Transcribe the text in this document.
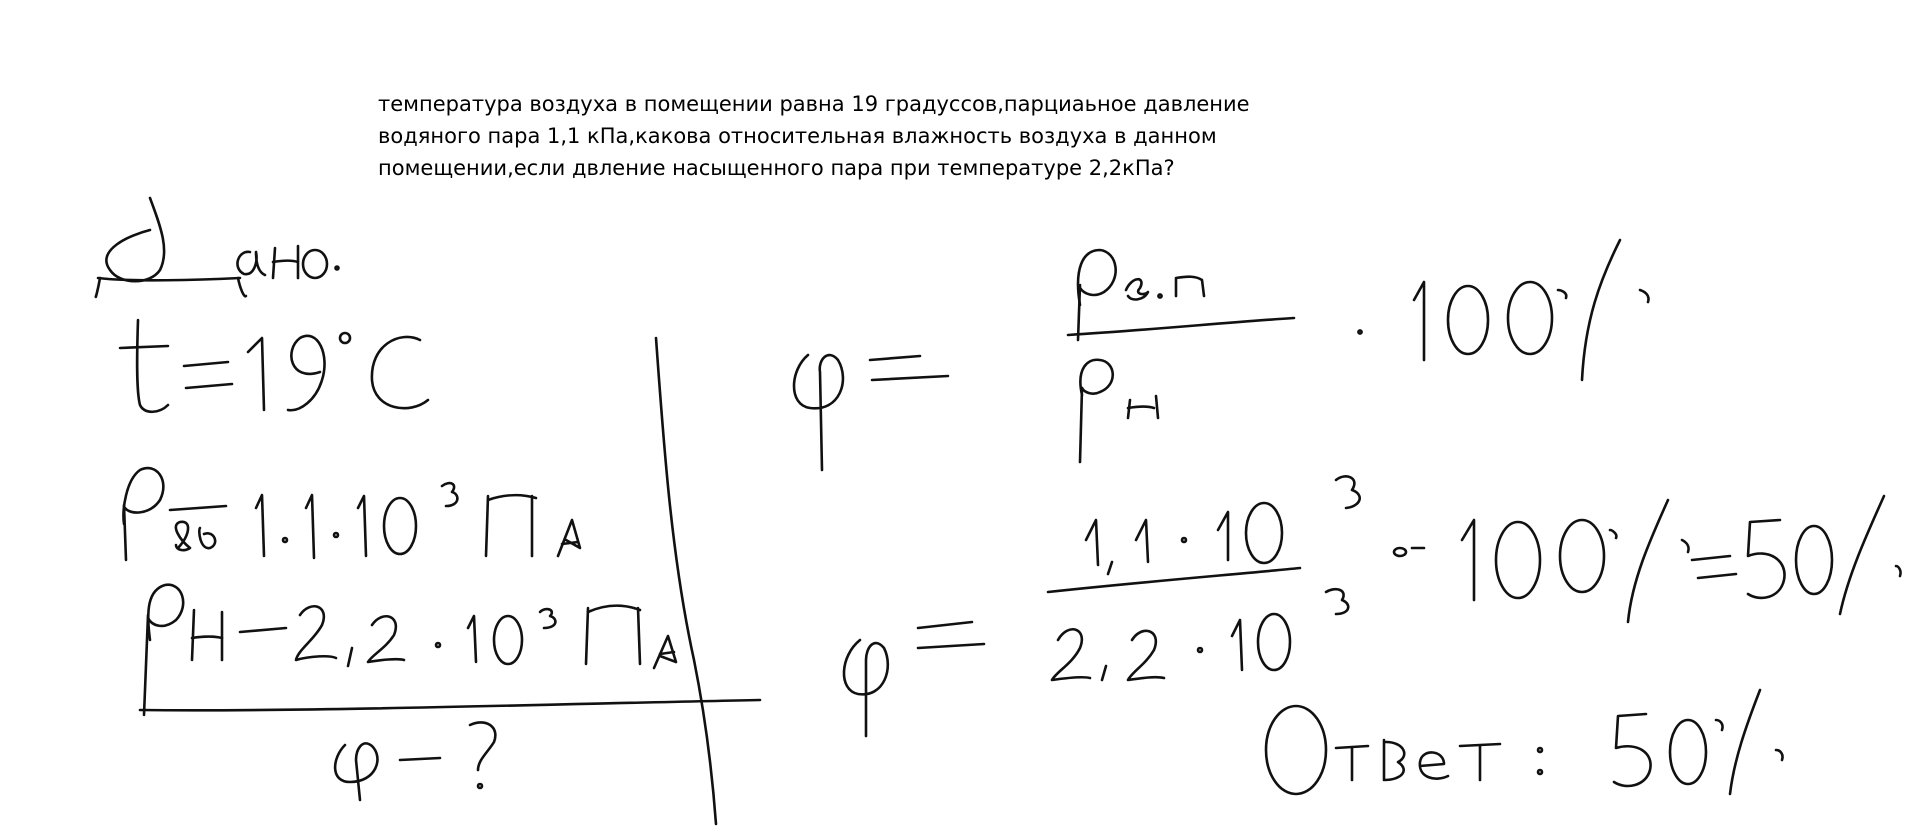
температура воздуха в помещении равна 19 градуссов,парциаьное давление
водяного пара 1,1 кПа,какова относительная влажность воздуха в данном
помещении,если двление насыщенного пара при температуре 2,2кПа?
